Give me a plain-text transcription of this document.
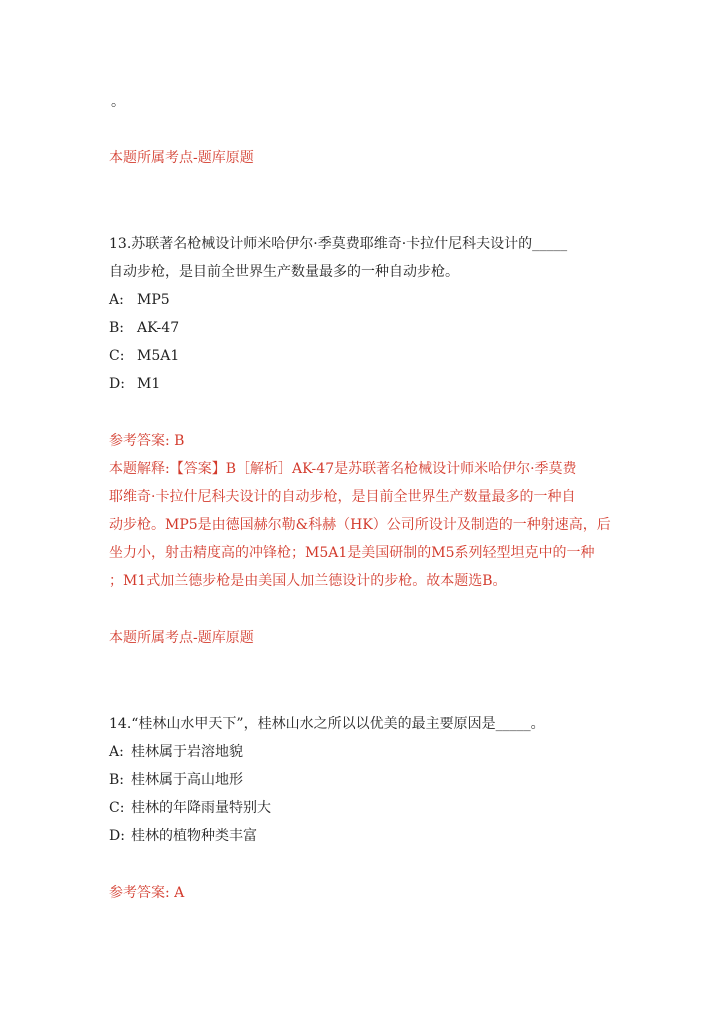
。
本题所属考点-题库原题
13.苏联著名枪械设计师米哈伊尔·季莫费耶维奇·卡拉什尼科夫设计的_____
自动步枪，是目前全世界生产数量最多的一种自动步枪。
A: MP5
B: AK-47
C: M5A1
D: M1
参考答案: B
本题解释:【答案】B［解析］AK-47是苏联著名枪械设计师米哈伊尔·季莫费
耶维奇·卡拉什尼科夫设计的自动步枪，是目前全世界生产数量最多的一种自
动步枪。MP5是由德国赫尔勒&科赫（HK）公司所设计及制造的一种射速高，后
坐力小，射击精度高的冲锋枪；M5A1是美国研制的M5系列轻型坦克中的一种
；M1式加兰德步枪是由美国人加兰德设计的步枪。故本题选B。
本题所属考点-题库原题
14.“桂林山水甲天下”，桂林山水之所以以优美的最主要原因是_____。
A: 桂林属于岩溶地貌
B: 桂林属于高山地形
C: 桂林的年降雨量特别大
D: 桂林的植物种类丰富
参考答案: A
